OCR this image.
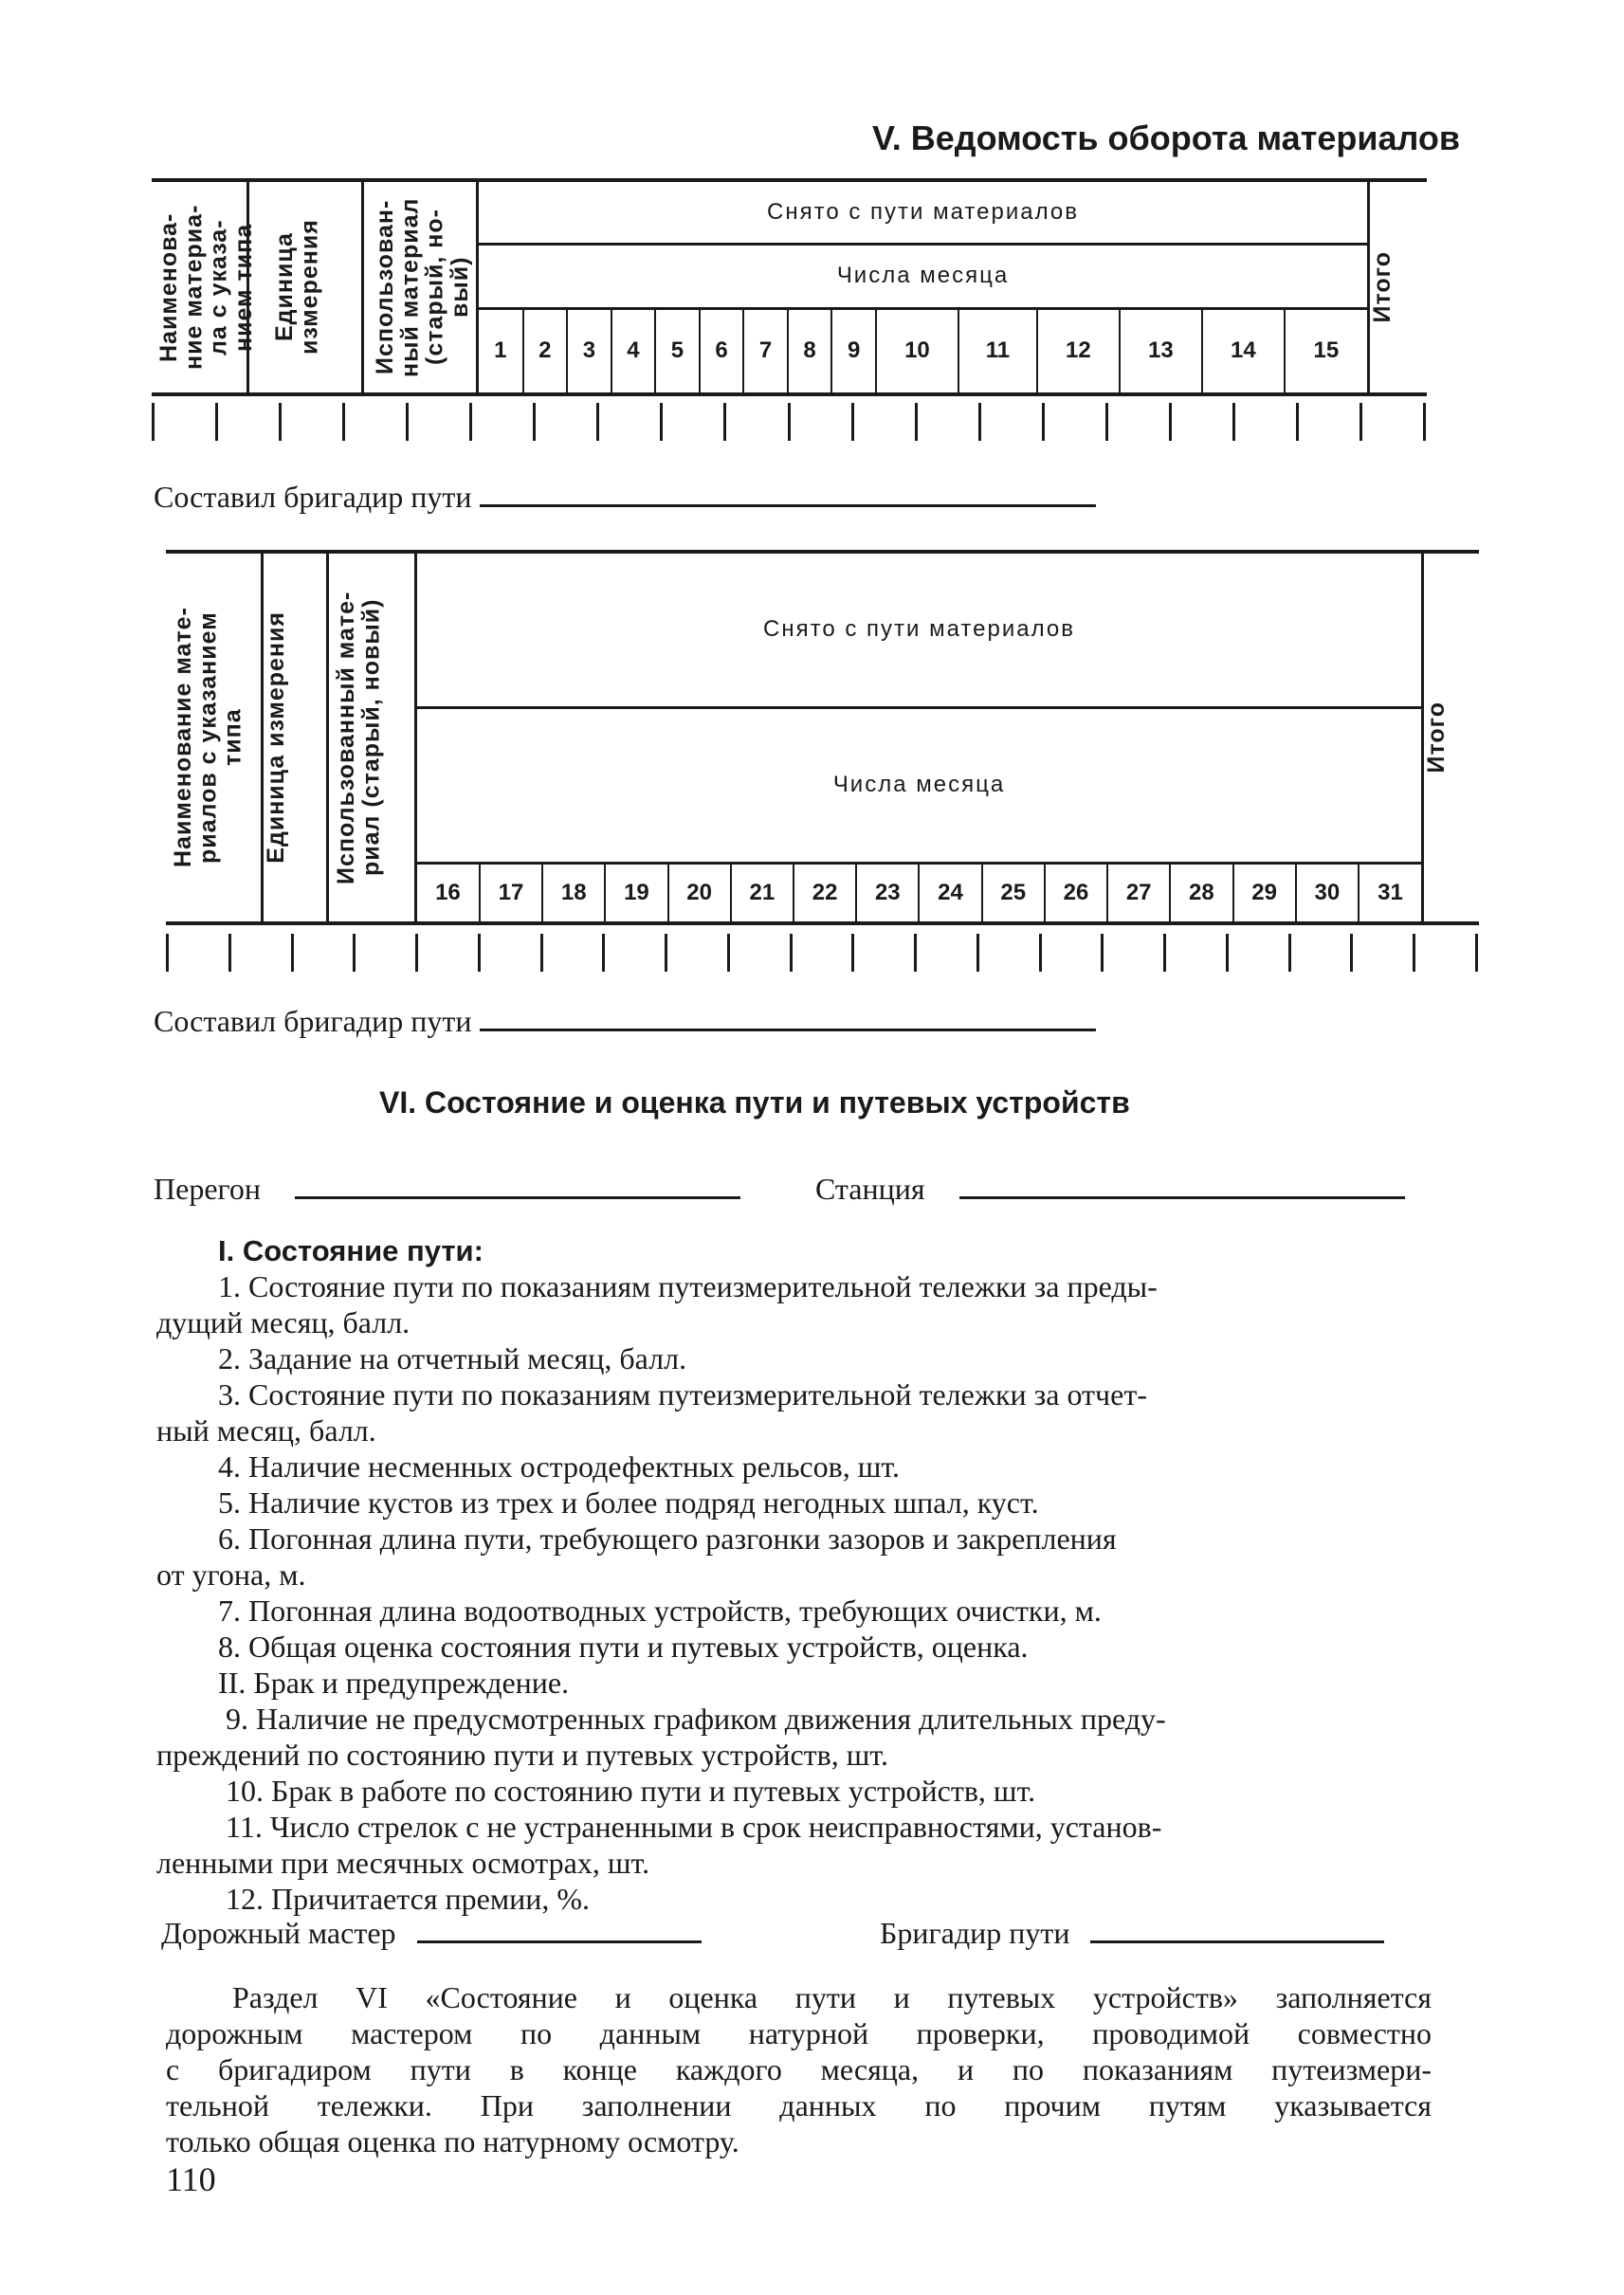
V. Ведомость оборота материалов
Наименова-ние материа-ла с указа-нием типа	Единица измерения	Использован-ный материал (старый, но-вый)	Снято с пути материалов															Итого

			Числа месяца															
			1	2	3	4	5	6	7	8	9	10	11	12	13	14	15	
Составил бригадир пути
Наименование мате-риалов с указанием типа	Единица измерения	Использованный мате-риал (старый, новый)	Снято с пути материалов																Итого

			Числа месяца																
			16	17	18	19	20	21	22	23	24	25	26	27	28	29	30	31	
Составил бригадир пути
VI. Состояние и оценка пути и путевых устройств
Перегон	Станция
I. Состояние пути:
1. Состояние пути по показаниям путеизмерительной тележки за преды-
дущий месяц, балл.
2. Задание на отчетный месяц, балл.
3. Состояние пути по показаниям путеизмерительной тележки за отчет-
ный месяц, балл.
4. Наличие несменных остродефектных рельсов, шт.
5. Наличие кустов из трех и более подряд негодных шпал, куст.
6. Погонная длина пути, требующего разгонки зазоров и закрепления
от угона, м.
7. Погонная длина водоотводных устройств, требующих очистки, м.
8. Общая оценка состояния пути и путевых устройств, оценка.
II. Брак и предупреждение.
9. Наличие не предусмотренных графиком движения длительных преду-
преждений по состоянию пути и путевых устройств, шт.
10. Брак в работе по состоянию пути и путевых устройств, шт.
11. Число стрелок с не устраненными в срок неисправностями, установ-
ленными при месячных осмотрах, шт.
12. Причитается премии, %.
Дорожный мастер	Бригадир пути
Раздел VI «Состояние и оценка пути и путевых устройств» заполняется
дорожным мастером по данным натурной проверки, проводимой совместно
с бригадиром пути в конце каждого месяца, и по показаниям путеизмери-
тельной тележки. При заполнении данных по прочим путям указывается
только общая оценка по натурному осмотру.
110
